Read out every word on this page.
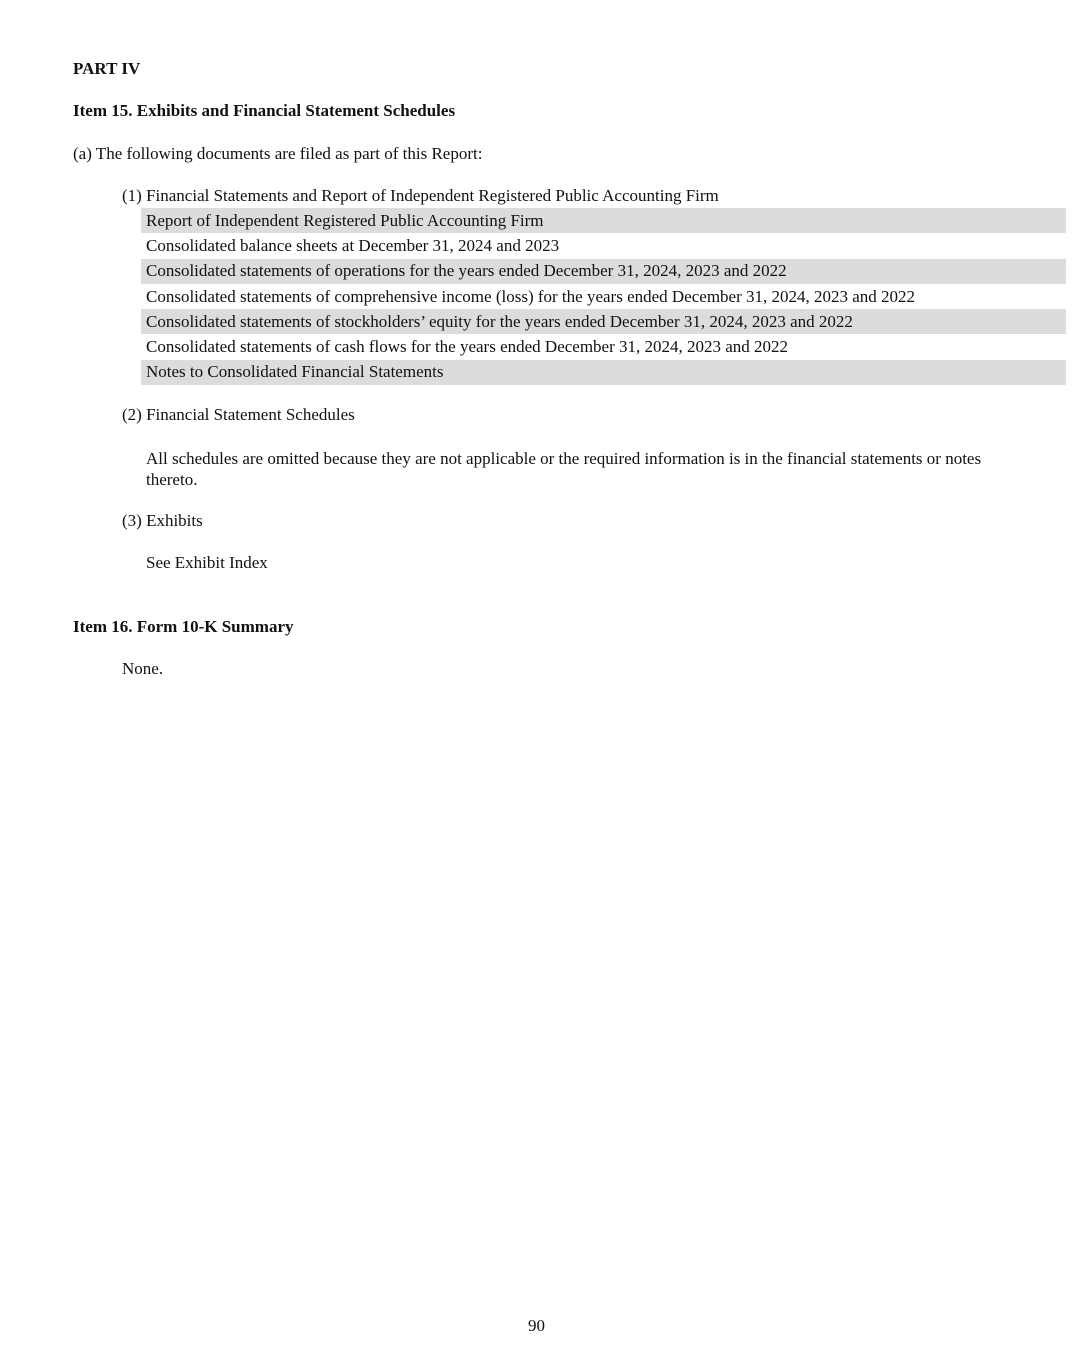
PART IV
Item 15. Exhibits and Financial Statement Schedules
(a) The following documents are filed as part of this Report:
(1) Financial Statements and Report of Independent Registered Public Accounting Firm
Report of Independent Registered Public Accounting Firm
Consolidated balance sheets at December 31, 2024 and 2023
Consolidated statements of operations for the years ended December 31, 2024, 2023 and 2022
Consolidated statements of comprehensive income (loss) for the years ended December 31, 2024, 2023 and 2022
Consolidated statements of stockholders’ equity for the years ended December 31, 2024, 2023 and 2022
Consolidated statements of cash flows for the years ended December 31, 2024, 2023 and 2022
Notes to Consolidated Financial Statements
(2) Financial Statement Schedules
All schedules are omitted because they are not applicable or the required information is in the financial statements or notes thereto.
(3) Exhibits
See Exhibit Index
Item 16. Form 10-K Summary
None.
90
